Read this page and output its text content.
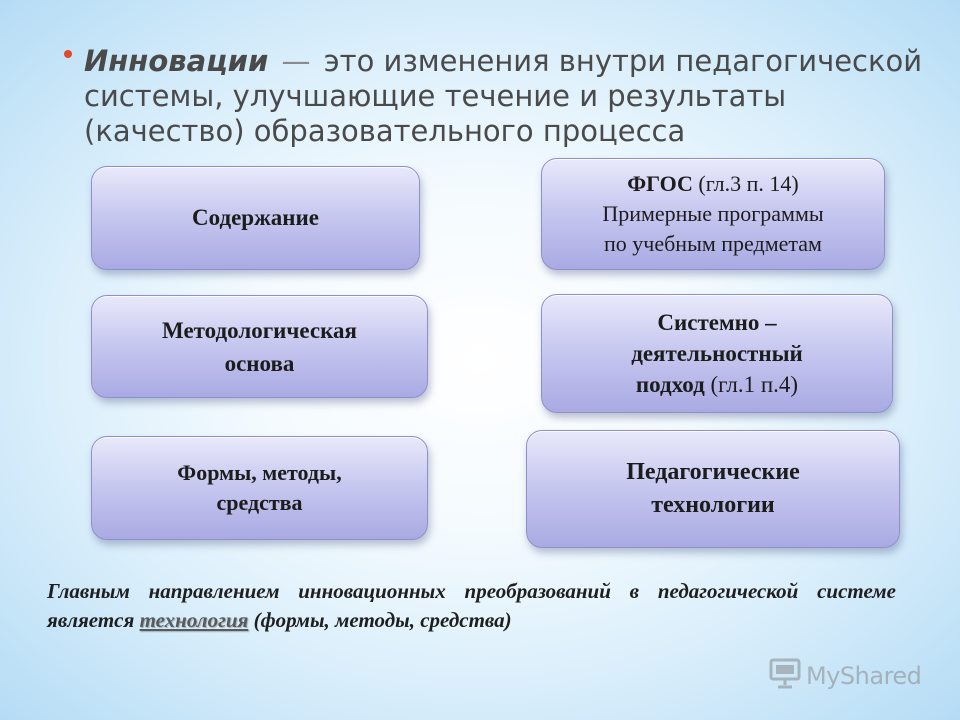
Инновации — это изменения внутри педагогической системы, улучшающие течение и результаты (качество) образовательного процесса
Содержание
Методологическая
основа
Формы, методы,
средства
ФГОС (гл.3 п. 14)
Примерные программы
по учебным предметам
Системно –
деятельностный
подход (гл.1 п.4)
Педагогические
технологии
Главным направлением инновационных преобразований в педагогической системе является технология (формы, методы, средства)
MyShared
